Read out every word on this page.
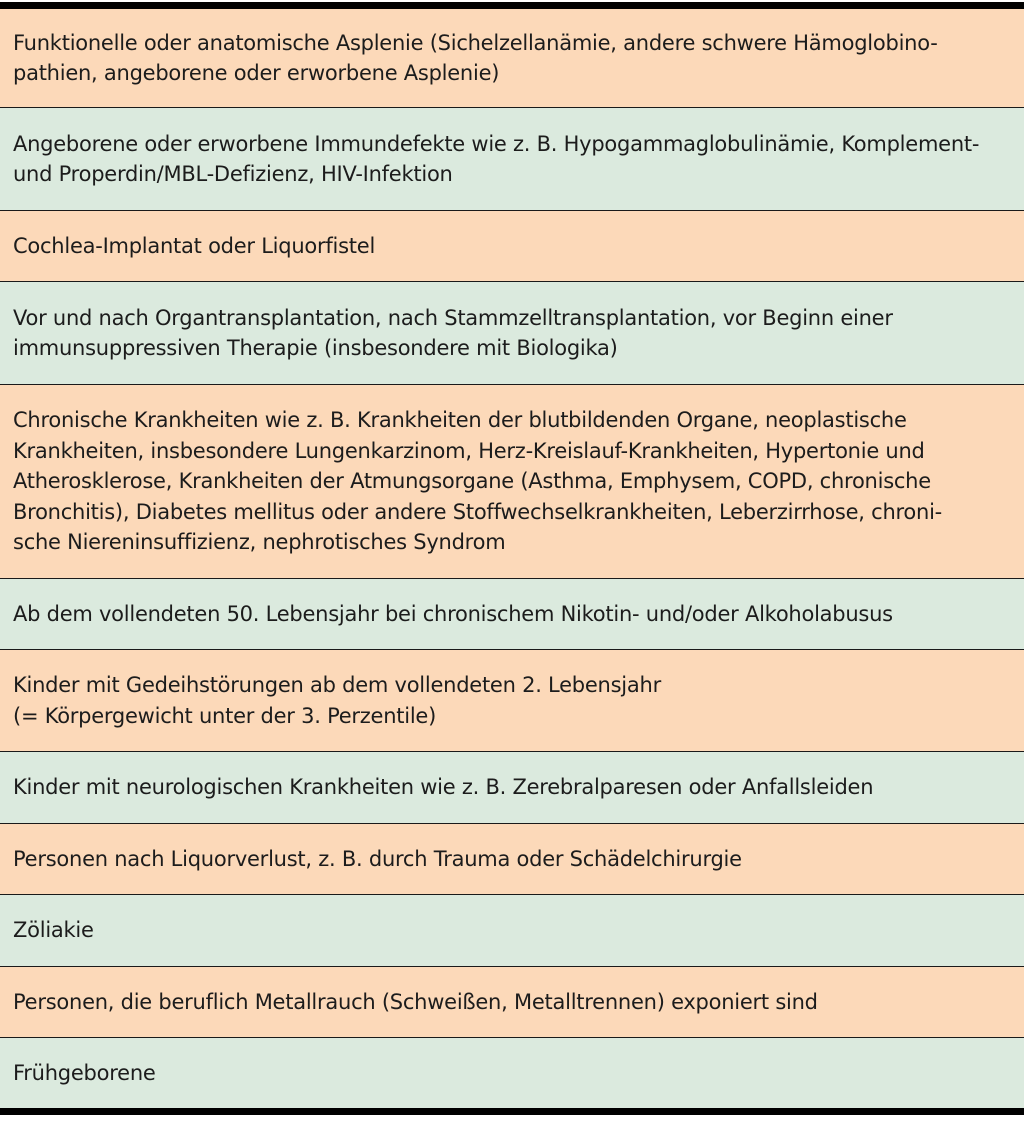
Funktionelle oder anatomische Asplenie (Sichelzellanämie, andere schwere Hämoglobino-
pathien, angeborene oder erworbene Asplenie)
Angeborene oder erworbene Immundefekte wie z. B. Hypogammaglobulinämie, Komplement-
und Properdin/MBL-Defizienz, HIV-Infektion
Cochlea-Implantat oder Liquorfistel
Vor und nach Organtransplantation, nach Stammzelltransplantation, vor Beginn einer
immunsuppressiven Therapie (insbesondere mit Biologika)
Chronische Krankheiten wie z. B. Krankheiten der blutbildenden Organe, neoplastische
Krankheiten, insbesondere Lungenkarzinom, Herz-Kreislauf-Krankheiten, Hypertonie und
Atherosklerose, Krankheiten der Atmungsorgane (Asthma, Emphysem, COPD, chronische
Bronchitis), Diabetes mellitus oder andere Stoffwechselkrankheiten, Leberzirrhose, chroni-
sche Niereninsuffizienz, nephrotisches Syndrom
Ab dem vollendeten 50. Lebensjahr bei chronischem Nikotin- und/oder Alkoholabusus
Kinder mit Gedeihstörungen ab dem vollendeten 2. Lebensjahr
(= Körpergewicht unter der 3. Perzentile)
Kinder mit neurologischen Krankheiten wie z. B. Zerebralparesen oder Anfallsleiden
Personen nach Liquorverlust, z. B. durch Trauma oder Schädelchirurgie
Zöliakie
Personen, die beruflich Metallrauch (Schweißen, Metalltrennen) exponiert sind
Frühgeborene
